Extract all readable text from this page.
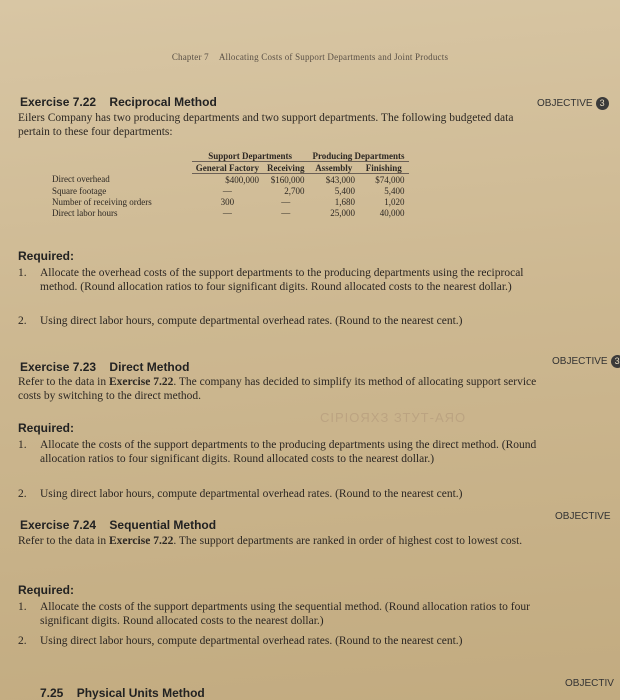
Chapter 7 Allocating Costs of Support Departments and Joint Products
Exercise 7.22 Reciprocal Method	OBJECTIVE 3
Eilers Company has two producing departments and two support departments. The following budgeted data pertain to these four departments:
	Support Departments		Producing Departments	
	General Factory	Receiving	Assembly	Finishing
Direct overhead	$400,000	$160,000	$43,000	$74,000
Square footage	—	2,700	5,400	5,400
Number of receiving orders	300	—	1,680	1,020
Direct labor hours	—	—	25,000	40,000
Required:
1.	Allocate the overhead costs of the support departments to the producing departments using the reciprocal method. (Round allocation ratios to four significant digits. Round allocated costs to the nearest dollar.)
2.	Using direct labor hours, compute departmental overhead rates. (Round to the nearest cent.)
Exercise 7.23 Direct Method	OBJECTIVE 3
Refer to the data in Exercise 7.22. The company has decided to simplify its method of allocating support service costs by switching to the direct method.
CIPIOЯXЗ ЗТУТ-АЯО
Required:
1.	Allocate the costs of the support departments to the producing departments using the direct method. (Round allocation ratios to four significant digits. Round allocated costs to the nearest dollar.)
2.	Using direct labor hours, compute departmental overhead rates. (Round to the nearest cent.)
Exercise 7.24 Sequential Method
OBJECTIVE
Refer to the data in Exercise 7.22. The support departments are ranked in order of highest cost to lowest cost.
Required:
1.	Allocate the costs of the support departments using the sequential method. (Round allocation ratios to four significant digits. Round allocated costs to the nearest dollar.)
2.	Using direct labor hours, compute departmental overhead rates. (Round to the nearest cent.)
7.25 Physical Units Method
OBJECTIV
